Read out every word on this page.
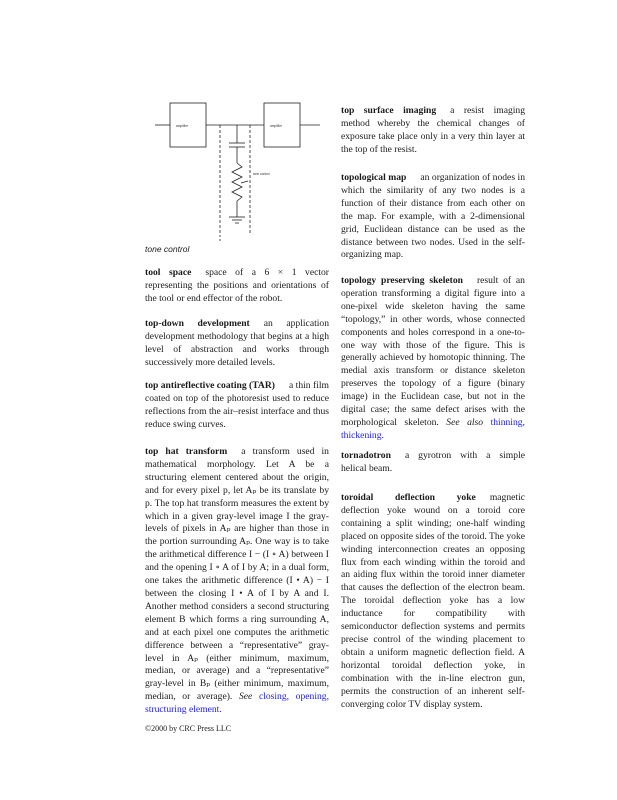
amplifier	amplifier
tone control
tone control
tool space space of a 6 × 1 vector representing the positions and orientations of the tool or end effector of the robot.
top-down development an application development methodology that begins at a high level of abstraction and works through successively more detailed levels.
top antireflective coating (TAR) a thin film coated on top of the photoresist used to reduce reflections from the air–resist interface and thus reduce swing curves.
top hat transform a transform used in mathematical morphology. Let A be a structuring element centered about the origin, and for every pixel p, let Aₚ be its translate by p. The top hat transform measures the extent by which in a given gray-level image I the gray-levels of pixels in Aₚ are higher than those in the portion surrounding Aₚ. One way is to take the arithmetical difference I − (I ∘ A) between I and the opening I ∘ A of I by A; in a dual form, one takes the arithmetic difference (I • A) − I between the closing I • A of I by A and I. Another method considers a second structuring element B which forms a ring surrounding A, and at each pixel one computes the arithmetic difference between a “representative” gray-level in Aₚ (either minimum, maximum, median, or average) and a “representative” gray-level in Bₚ (either minimum, maximum, median, or average). See closing, opening, structuring element.
top surface imaging a resist imaging method whereby the chemical changes of exposure take place only in a very thin layer at the top of the resist.
topological map an organization of nodes in which the similarity of any two nodes is a function of their distance from each other on the map. For example, with a 2-dimensional grid, Euclidean distance can be used as the distance between two nodes. Used in the self-organizing map.
topology preserving skeleton result of an operation transforming a digital figure into a one-pixel wide skeleton having the same “topology,” in other words, whose connected components and holes correspond in a one-to-one way with those of the figure. This is generally achieved by homotopic thinning. The medial axis transform or distance skeleton preserves the topology of a figure (binary image) in the Euclidean case, but not in the digital case; the same defect arises with the morphological skeleton. See also thinning, thickening.
tornadotron a gyrotron with a simple helical beam.
toroidal deflection yoke magnetic deflection yoke wound on a toroid core containing a split winding; one-half winding placed on opposite sides of the toroid. The yoke winding interconnection creates an opposing flux from each winding within the toroid and an aiding flux within the toroid inner diameter that causes the deflection of the electron beam. The toroidal deflection yoke has a low inductance for compatibility with semiconductor deflection systems and permits precise control of the winding placement to obtain a uniform magnetic deflection field. A horizontal toroidal deflection yoke, in combination with the in-line electron gun, permits the construction of an inherent self-converging color TV display system.
©2000 by CRC Press LLC
